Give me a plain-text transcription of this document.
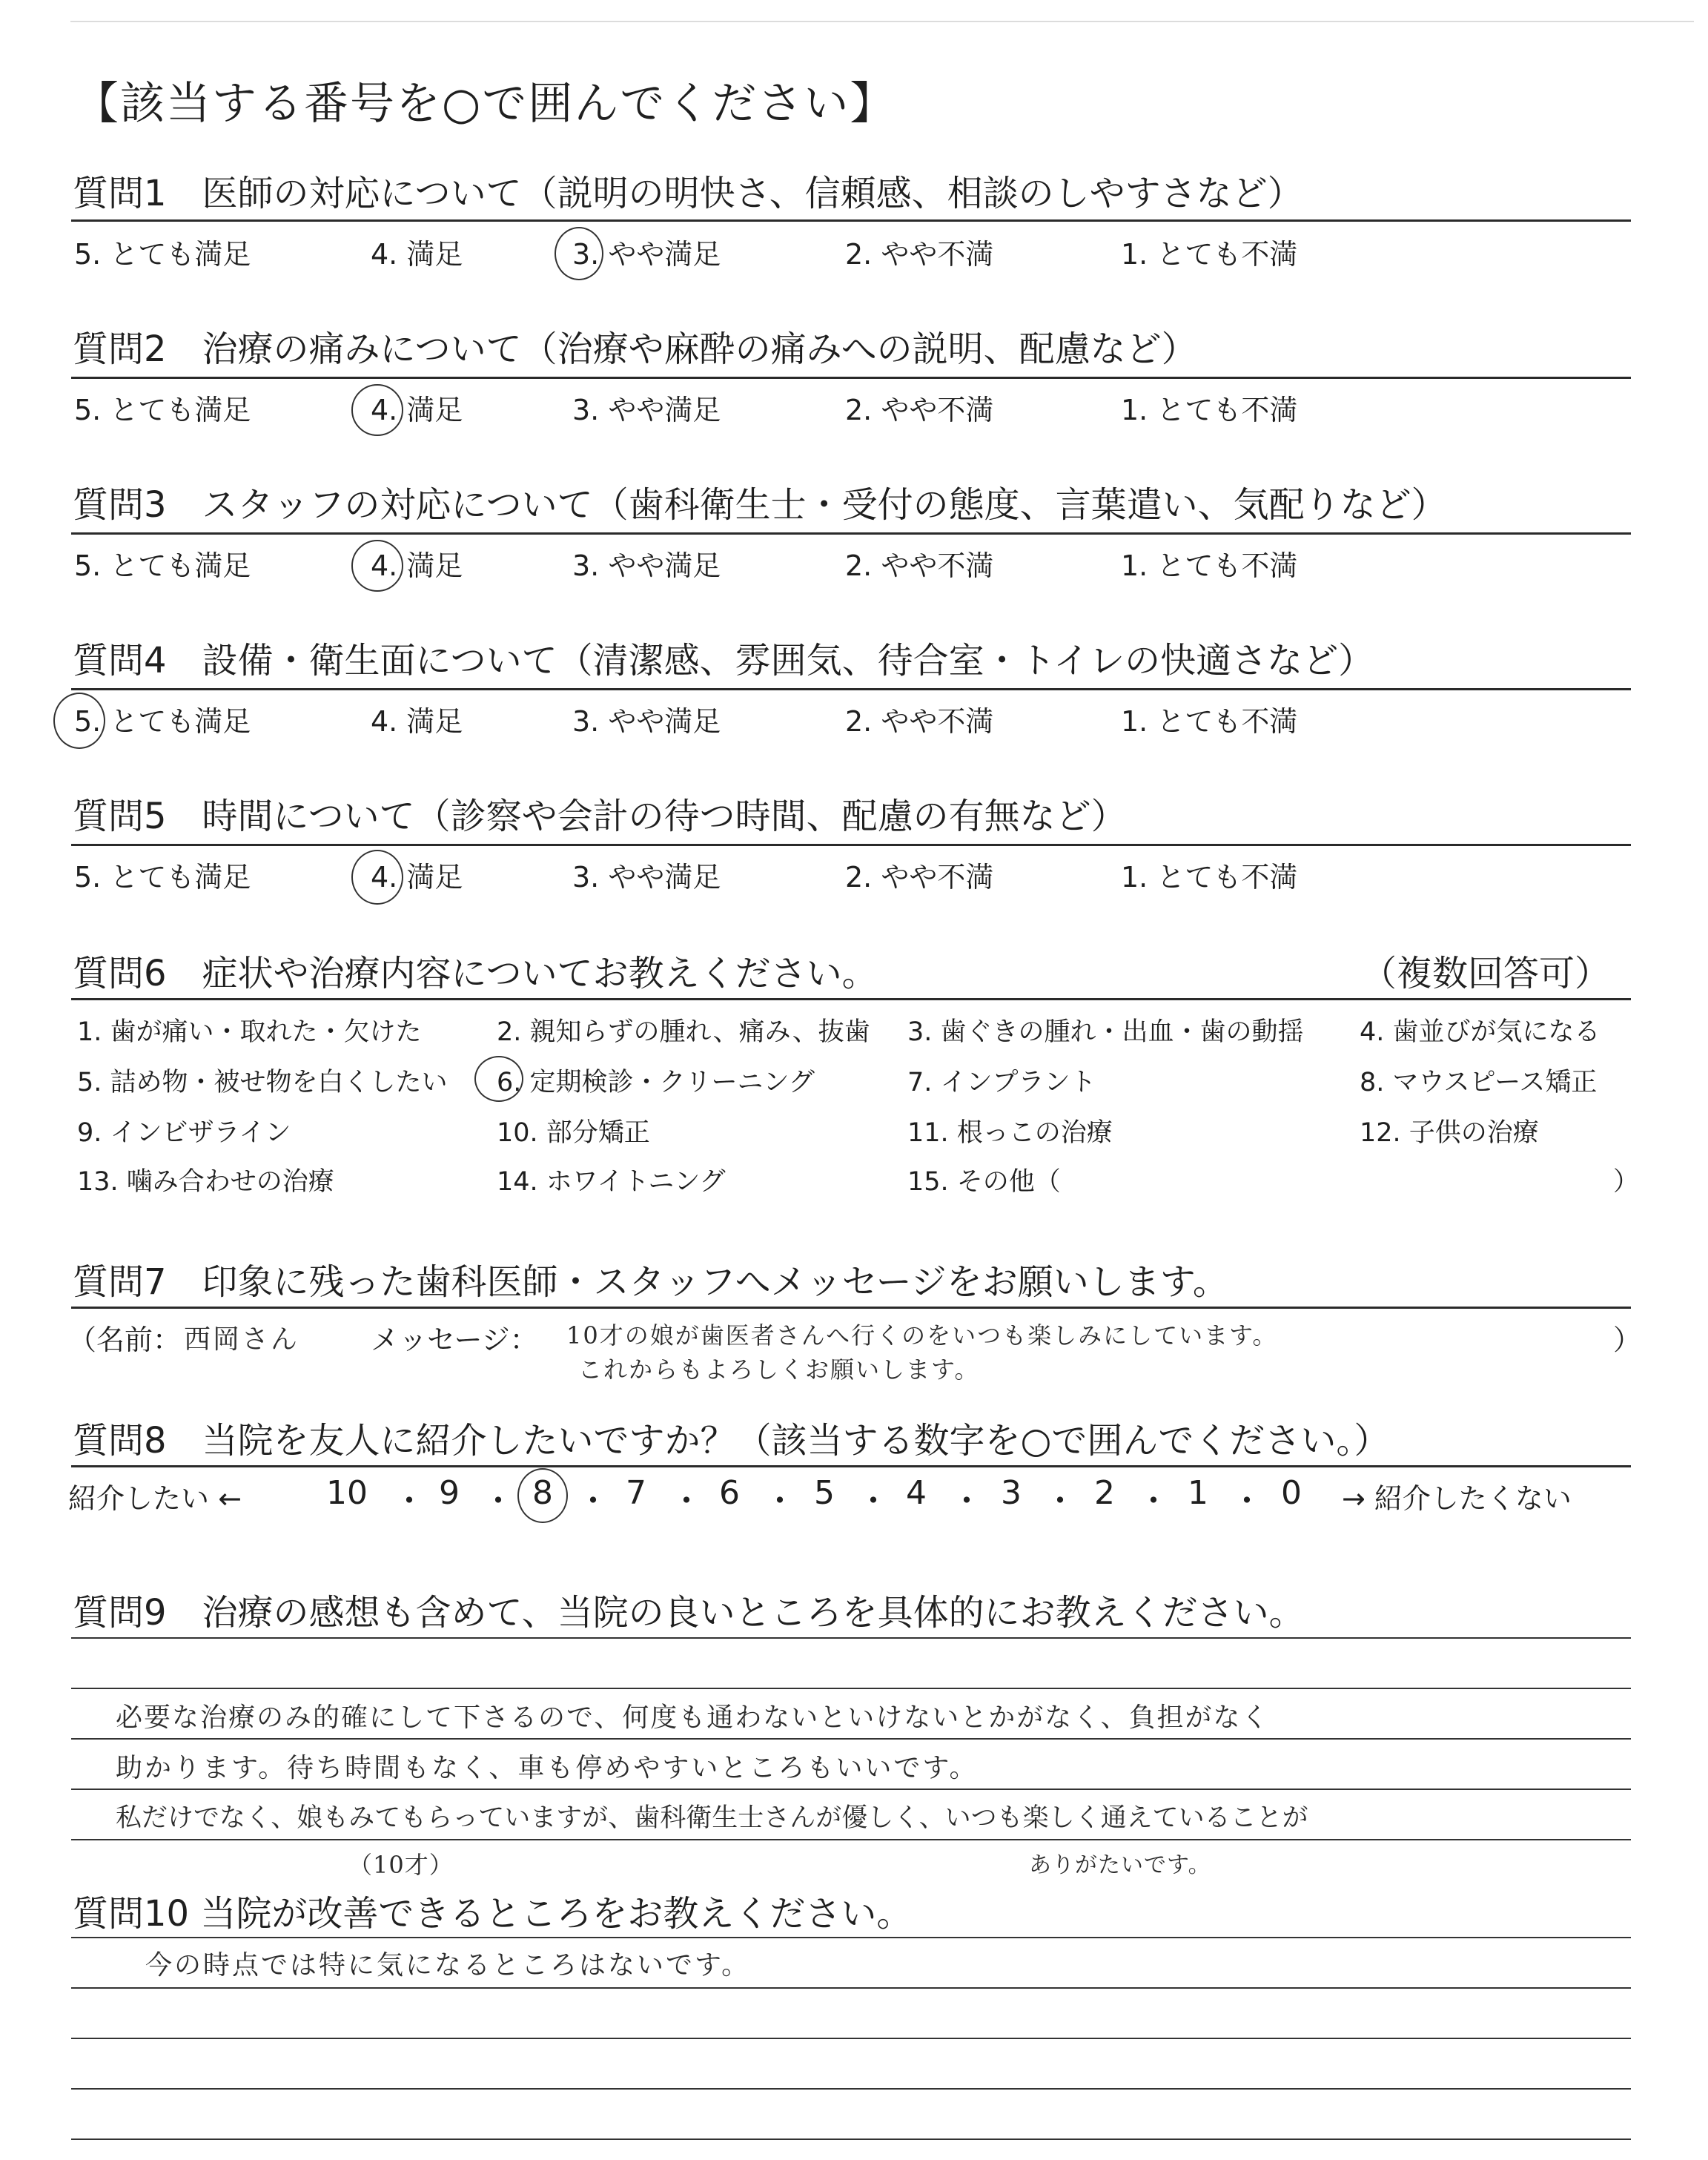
【該当する番号を○で囲んでください】
質問1　医師の対応について（説明の明快さ、信頼感、相談のしやすさなど）
5. とても満足	4. 満足	3. やや満足	2. やや不満	1. とても不満
質問2　治療の痛みについて（治療や麻酔の痛みへの説明、配慮など）
5. とても満足	4. 満足	3. やや満足	2. やや不満	1. とても不満
質問3　スタッフの対応について（歯科衛生士・受付の態度、言葉遣い、気配りなど）
5. とても満足	4. 満足	3. やや満足	2. やや不満	1. とても不満
質問4　設備・衛生面について（清潔感、雰囲気、待合室・トイレの快適さなど）
5. とても満足	4. 満足	3. やや満足	2. やや不満	1. とても不満
質問5　時間について（診察や会計の待つ時間、配慮の有無など）
5. とても満足	4. 満足	3. やや満足	2. やや不満	1. とても不満
質問6　症状や治療内容についてお教えください。	（複数回答可）
1. 歯が痛い・取れた・欠けた	2. 親知らずの腫れ、痛み、抜歯 3. 歯ぐきの腫れ・出血・歯の動揺 4. 歯並びが気になる
5. 詰め物・被せ物を白くしたい 6. 定期検診・クリーニング	7. インプラント	8. マウスピース矯正
9. インビザライン	10. 部分矯正	11. 根っこの治療	12. 子供の治療
13. 噛み合わせの治療	14. ホワイトニング	15. その他（	）
質問7　印象に残った歯科医師・スタッフへメッセージをお願いします。
（名前： 西岡さん	メッセージ： 10才の娘が歯医者さんへ行くのをいつも楽しみにしています。
これからもよろしくお願いします。
）
質問8　当院を友人に紹介したいですか？（該当する数字を○で囲んでください。）
紹介したい ←	10 ・ 9 ・ 8 ・ 7 ・ 6 ・ 5 ・ 4 ・ 3 ・ 2 ・ 1 ・ 0 → 紹介したくない
質問9　治療の感想も含めて、当院の良いところを具体的にお教えください。
必要な治療のみ的確にして下さるので、何度も通わないといけないとかがなく、負担がなく
助かります。待ち時間もなく、車も停めやすいところもいいです。
私だけでなく、娘もみてもらっていますが、歯科衛生士さんが優しく、いつも楽しく通えていることが
（10才）	ありがたいです。
質問10 当院が改善できるところをお教えください。
今の時点では特に気になるところはないです。
